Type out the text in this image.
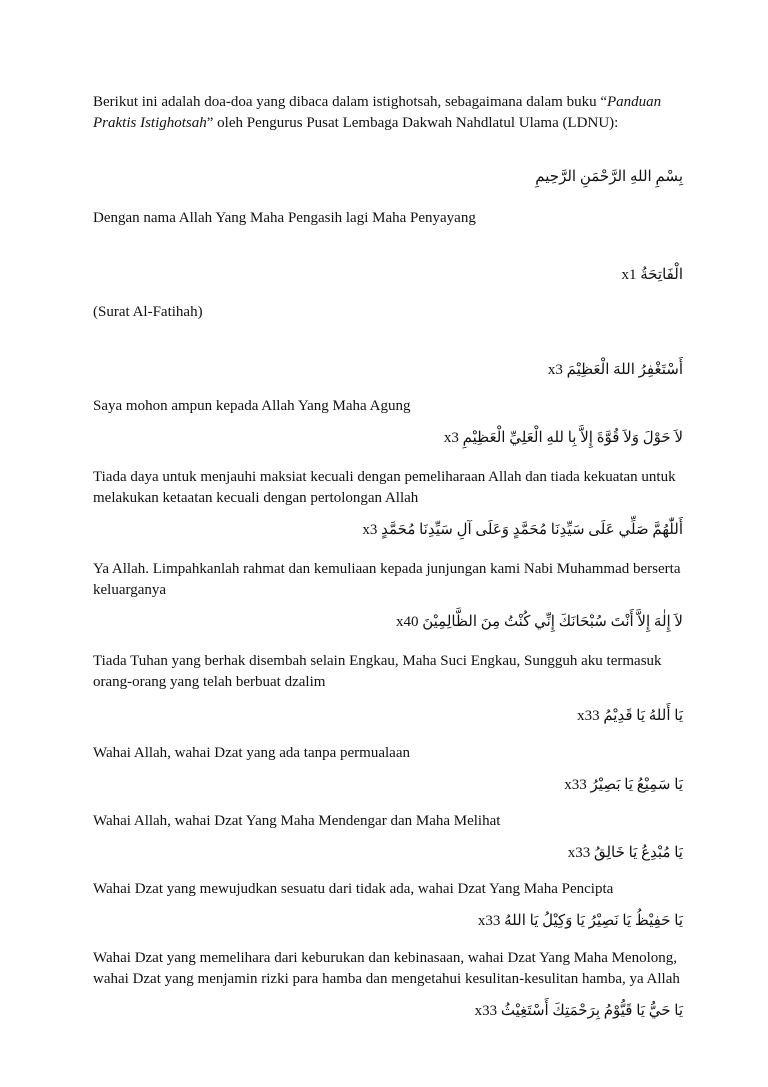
Berikut ini adalah doa-doa yang dibaca dalam istighotsah, sebagaimana dalam buku “Panduan Praktis Istighotsah” oleh Pengurus Pusat Lembaga Dakwah Nahdlatul Ulama (LDNU):

بِسْمِ اللهِ الرَّحْمَنِ الرَّحِيمِ

Dengan nama Allah Yang Maha Pengasih lagi Maha Penyayang

الْفَاتِحَةُ x1

(Surat Al-Fatihah)

أَسْتَغْفِرُ اللهَ الْعَظِيْمَ x3

Saya mohon ampun kepada Allah Yang Maha Agung

لاَ حَوْلَ وَلاَ قُوَّةَ إِلاَّ بِا للهِ الْعَلِيِّ الْعَظِيْمِ x3

Tiada daya untuk menjauhi maksiat kecuali dengan pemeliharaan Allah dan tiada kekuatan untuk melakukan ketaatan kecuali dengan pertolongan Allah

أَللّٰهُمَّ صَلِّي عَلَى سَيِّدِنَا مُحَمَّدٍ وَعَلَى آلِ سَيِّدِنَا مُحَمَّدٍ x3

Ya Allah. Limpahkanlah rahmat dan kemuliaan kepada junjungan kami Nabi Muhammad berserta keluarganya

لاَ إِلٰهَ إِلاَّ أَنْتَ سُبْحَانَكَ إِنِّي كُنْتُ مِنَ الظَّالِمِيْنَ x40

Tiada Tuhan yang berhak disembah selain Engkau, Maha Suci Engkau, Sungguh aku termasuk orang-orang yang telah berbuat dzalim

يَا أَللهُ يَا قَدِيْمُ x33

Wahai Allah, wahai Dzat yang ada tanpa permualaan

يَا سَمِيْعُ يَا بَصِيْرُ x33

Wahai Allah, wahai Dzat Yang Maha Mendengar dan Maha Melihat

يَا مُبْدِعُ يَا خَالِقُ x33

Wahai Dzat yang mewujudkan sesuatu dari tidak ada, wahai Dzat Yang Maha Pencipta

يَا حَفِيْظُ يَا نَصِيْرُ يَا وَكِيْلُ يَا اللهُ x33

Wahai Dzat yang memelihara dari keburukan dan kebinasaan, wahai Dzat Yang Maha Menolong, wahai Dzat yang menjamin rizki para hamba dan mengetahui kesulitan-kesulitan hamba, ya Allah

يَا حَيُّ يَا قَيُّوْمُ بِرَحْمَتِكَ أَسْتَغِيْثُ x33
